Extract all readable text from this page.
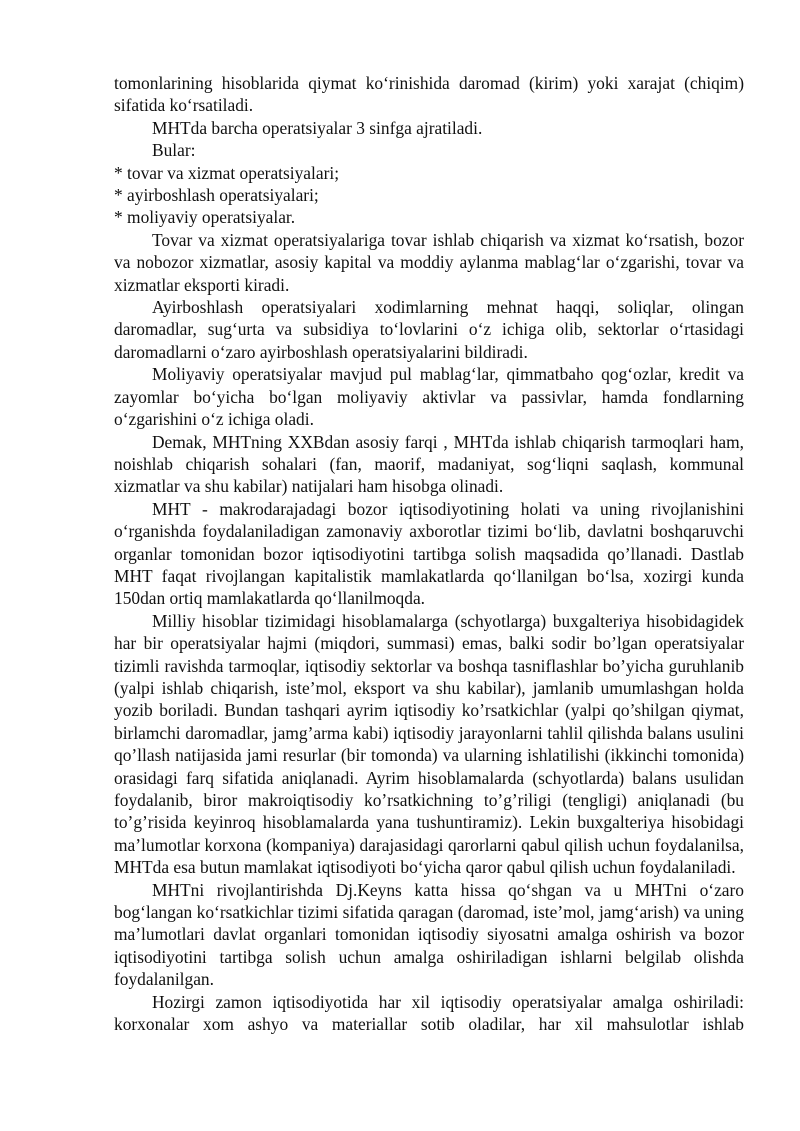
tomonlarining hisoblarida qiymat ko‘rinishida daromad (kirim) yoki xarajat (chiqim) sifatida ko‘rsatiladi.

MHTda barcha operatsiyalar 3 sinfga ajratiladi.

Bular:

* tovar va xizmat operatsiyalari;

* ayirboshlash operatsiyalari;

* moliyaviy operatsiyalar.

Tovar va xizmat operatsiyalariga tovar ishlab chiqarish va xizmat ko‘rsatish, bozor va nobozor xizmatlar, asosiy kapital va moddiy aylanma mablag‘lar o‘zgarishi, tovar va xizmatlar eksporti kiradi.

Ayirboshlash operatsiyalari xodimlarning mehnat haqqi, soliqlar, olingan daromadlar, sug‘urta va subsidiya to‘lovlarini o‘z ichiga olib, sektorlar o‘rtasidagi daromadlarni o‘zaro ayirboshlash operatsiyalarini bildiradi.

Moliyaviy operatsiyalar mavjud pul mablag‘lar, qimmatbaho qog‘ozlar, kredit va zayomlar bo‘yicha bo‘lgan moliyaviy aktivlar va passivlar, hamda fondlarning o‘zgarishini o‘z ichiga oladi.

Demak, MHTning XXBdan asosiy farqi , MHTda ishlab chiqarish tarmoqlari ham, noishlab chiqarish sohalari (fan, maorif, madaniyat, sog‘liqni saqlash, kommunal xizmatlar va shu kabilar) natijalari ham hisobga olinadi.

MHT - makrodarajadagi bozor iqtisodiyotining holati va uning rivojlanishini o‘rganishda foydalaniladigan zamonaviy axborotlar tizimi bo‘lib, davlatni boshqaruvchi organlar tomonidan bozor iqtisodiyotini tartibga solish maqsadida qo’llanadi. Dastlab MHT faqat rivojlangan kapitalistik mamlakatlarda qo‘llanilgan bo‘lsa, xozirgi kunda 150dan ortiq mamlakatlarda qo‘llanilmoqda.

Milliy hisoblar tizimidagi hisoblamalarga (schyotlarga) buxgalteriya hisobidagidek har bir operatsiyalar hajmi (miqdori, summasi) emas, balki sodir bo’lgan operatsiyalar tizimli ravishda tarmoqlar, iqtisodiy sektorlar va boshqa tasniflashlar bo’yicha guruhlanib (yalpi ishlab chiqarish, iste’mol, eksport va shu kabilar), jamlanib umumlashgan holda yozib boriladi. Bundan tashqari ayrim iqtisodiy ko’rsatkichlar (yalpi qo’shilgan qiymat, birlamchi daromadlar, jamg’arma kabi) iqtisodiy jarayonlarni tahlil qilishda balans usulini qo’llash natijasida jami resurlar (bir tomonda) va ularning ishlatilishi (ikkinchi tomonida) orasidagi farq sifatida aniqlanadi. Ayrim hisoblamalarda (schyotlarda) balans usulidan foydalanib, biror makroiqtisodiy ko’rsatkichning to’g’riligi (tengligi) aniqlanadi (bu to’g’risida keyinroq hisoblamalarda yana tushuntiramiz). Lekin buxgalteriya hisobidagi ma’lumotlar korxona (kompaniya) darajasidagi qarorlarni qabul qilish uchun foydalanilsa, MHTda esa butun mamlakat iqtisodiyoti bo‘yicha qaror qabul qilish uchun foydalaniladi.

MHTni rivojlantirishda Dj.Keyns katta hissa qo‘shgan va u MHTni o‘zaro bog‘langan ko‘rsatkichlar tizimi sifatida qaragan (daromad, iste’mol, jamg‘arish) va uning ma’lumotlari davlat organlari tomonidan iqtisodiy siyosatni amalga oshirish va bozor iqtisodiyotini tartibga solish uchun amalga oshiriladigan ishlarni belgilab olishda foydalanilgan.

Hozirgi zamon iqtisodiyotida har xil iqtisodiy operatsiyalar amalga oshiriladi: korxonalar xom ashyo va materiallar sotib oladilar, har xil mahsulotlar ishlab
